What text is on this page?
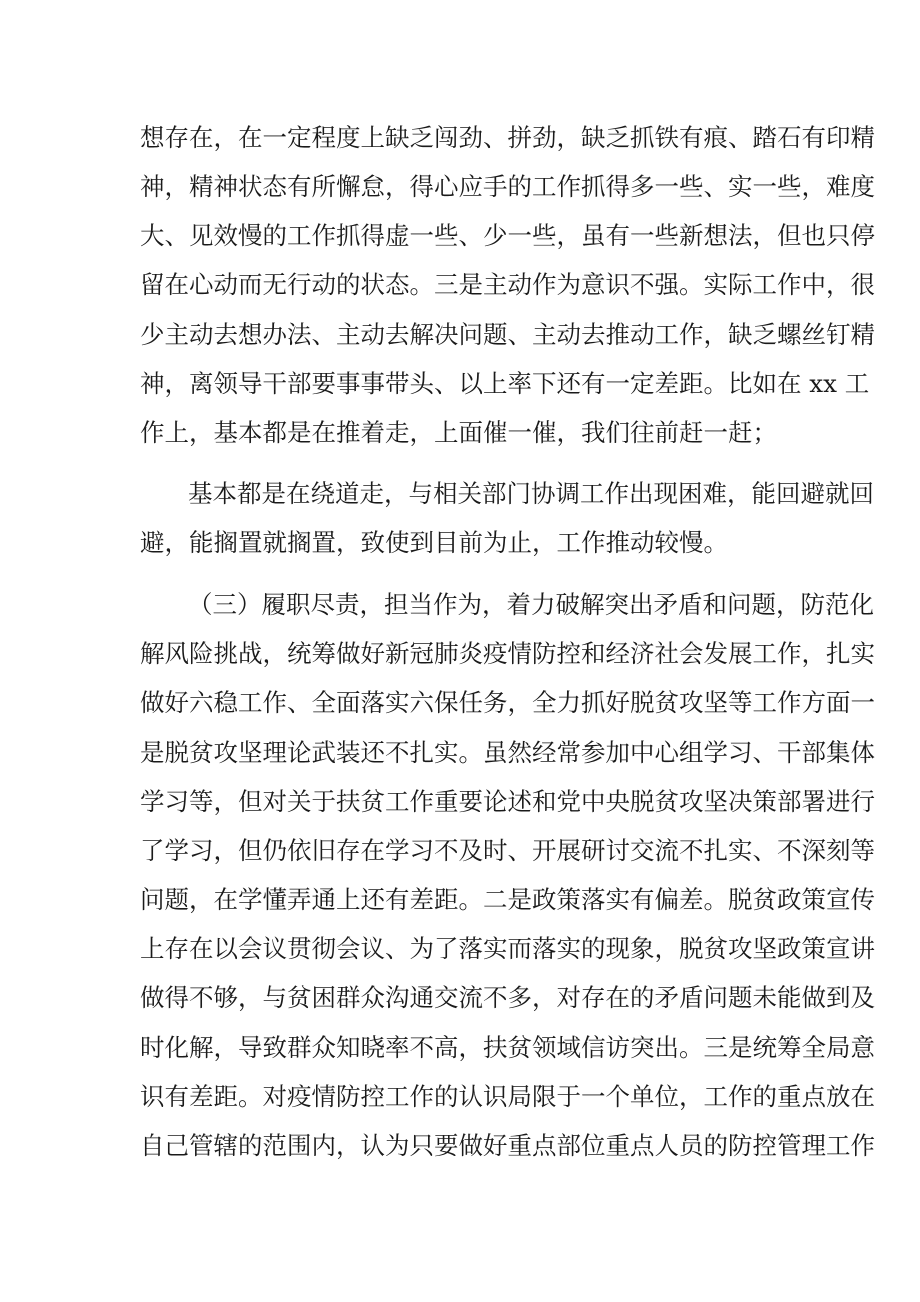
想存在，在一定程度上缺乏闯劲、拼劲，缺乏抓铁有痕、踏石有印精
神，精神状态有所懈怠，得心应手的工作抓得多一些、实一些，难度
大、见效慢的工作抓得虚一些、少一些，虽有一些新想法，但也只停
留在心动而无行动的状态。三是主动作为意识不强。实际工作中，很
少主动去想办法、主动去解决问题、主动去推动工作，缺乏螺丝钉精
神，离领导干部要事事带头、以上率下还有一定差距。比如在 xx 工
作上，基本都是在推着走，上面催一催，我们往前赶一赶；
基本都是在绕道走，与相关部门协调工作出现困难，能回避就回
避，能搁置就搁置，致使到目前为止，工作推动较慢。
（三）履职尽责，担当作为，着力破解突出矛盾和问题，防范化
解风险挑战，统筹做好新冠肺炎疫情防控和经济社会发展工作，扎实
做好六稳工作、全面落实六保任务，全力抓好脱贫攻坚等工作方面一
是脱贫攻坚理论武装还不扎实。虽然经常参加中心组学习、干部集体
学习等，但对关于扶贫工作重要论述和党中央脱贫攻坚决策部署进行
了学习，但仍依旧存在学习不及时、开展研讨交流不扎实、不深刻等
问题，在学懂弄通上还有差距。二是政策落实有偏差。脱贫政策宣传
上存在以会议贯彻会议、为了落实而落实的现象，脱贫攻坚政策宣讲
做得不够，与贫困群众沟通交流不多，对存在的矛盾问题未能做到及
时化解，导致群众知晓率不高，扶贫领域信访突出。三是统筹全局意
识有差距。对疫情防控工作的认识局限于一个单位，工作的重点放在
自己管辖的范围内，认为只要做好重点部位重点人员的防控管理工作
